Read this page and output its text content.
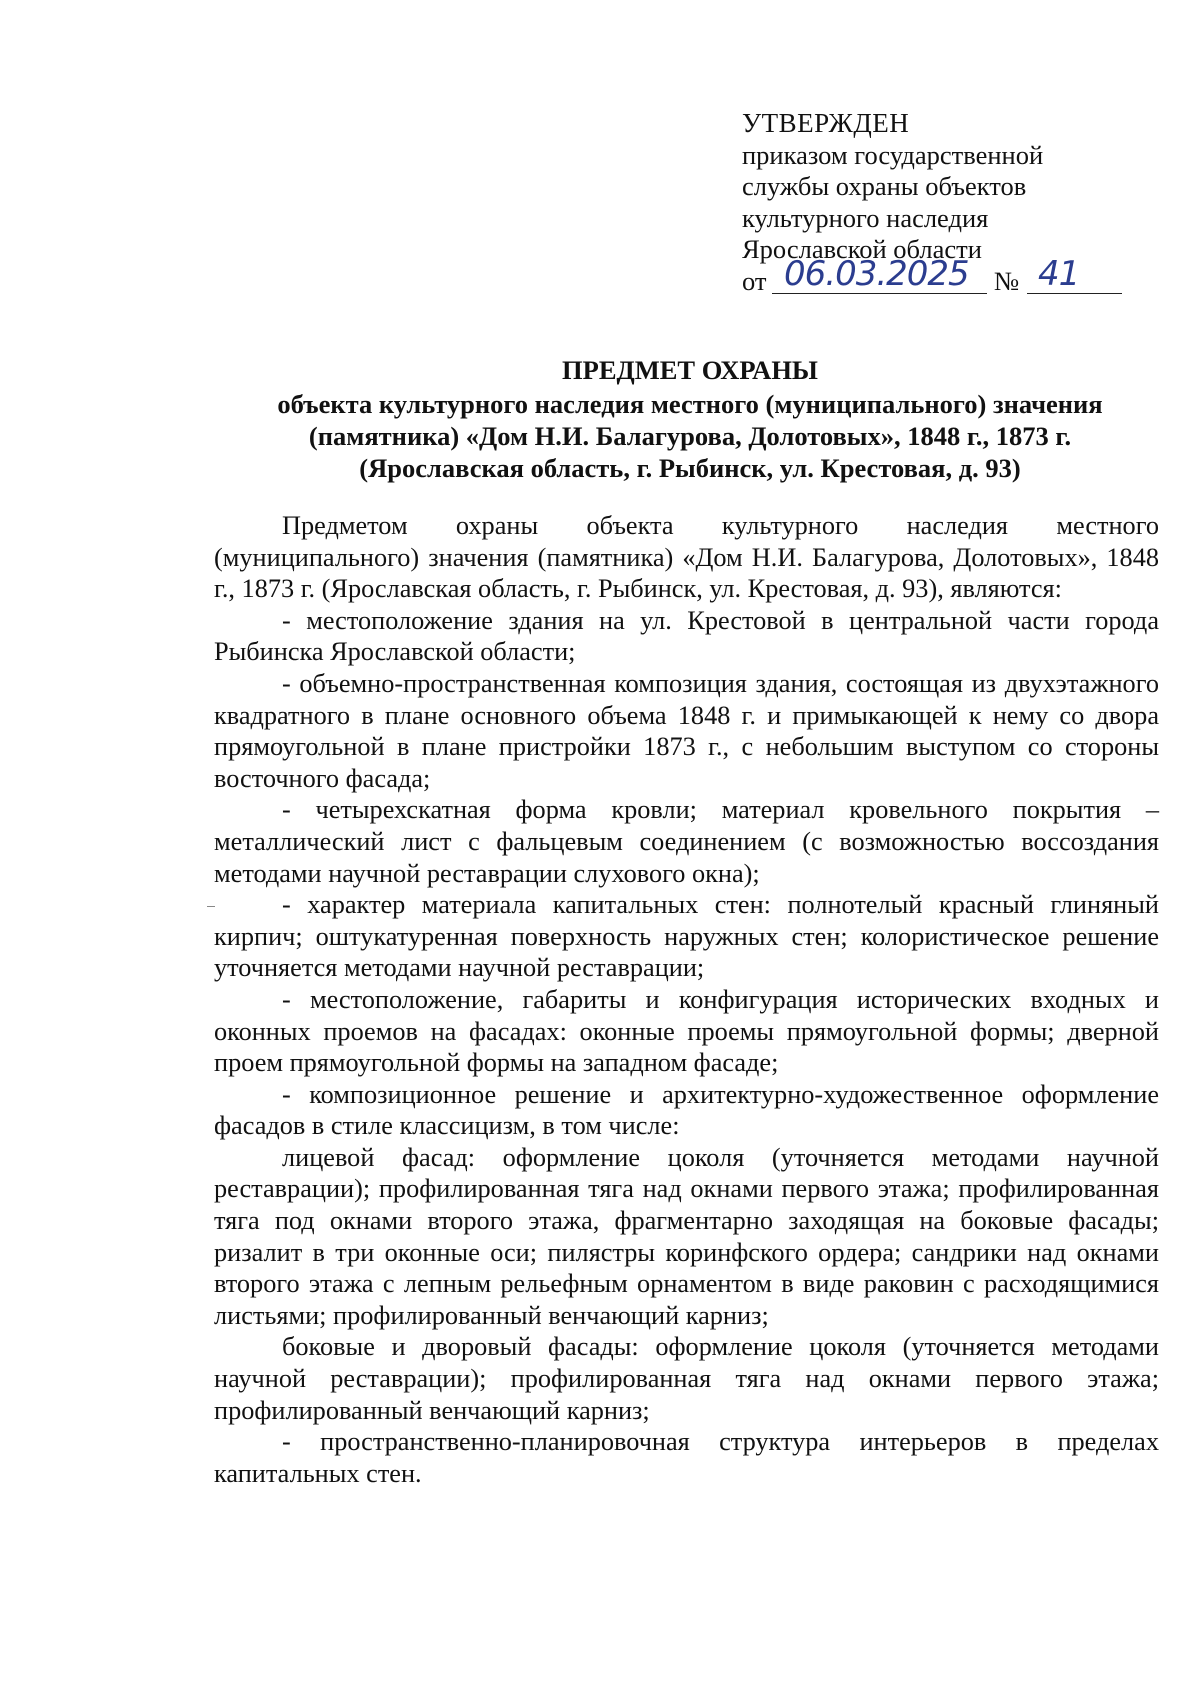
УТВЕРЖДЕН
приказом государственной
службы охраны объектов
культурного наследия
Ярославской области
от 06.03.2025 № 41
ПРЕДМЕТ ОХРАНЫ
объекта культурного наследия местного (муниципального) значения
(памятника) «Дом Н.И. Балагурова, Долотовых», 1848 г., 1873 г.
(Ярославская область, г. Рыбинск, ул. Крестовая, д. 93)

Предметом охраны объекта культурного наследия местного (муниципального) значения (памятника) «Дом Н.И. Балагурова, Долотовых», 1848 г., 1873 г. (Ярославская область, г. Рыбинск, ул. Крестовая, д. 93), являются:

- местоположение здания на ул. Крестовой в центральной части города Рыбинска Ярославской области;

- объемно-пространственная композиция здания, состоящая из двухэтажного квадратного в плане основного объема 1848 г. и примыкающей к нему со двора прямоугольной в плане пристройки 1873 г., с небольшим выступом со стороны восточного фасада;

- четырехскатная форма кровли; материал кровельного покрытия – металлический лист с фальцевым соединением (с возможностью воссоздания методами научной реставрации слухового окна);

- характер материала капитальных стен: полнотелый красный глиняный кирпич; оштукатуренная поверхность наружных стен; колористическое решение уточняется методами научной реставрации;

- местоположение, габариты и конфигурация исторических входных и оконных проемов на фасадах: оконные проемы прямоугольной формы; дверной проем прямоугольной формы на западном фасаде;

- композиционное решение и архитектурно-художественное оформление фасадов в стиле классицизм, в том числе:

лицевой фасад: оформление цоколя (уточняется методами научной реставрации); профилированная тяга над окнами первого этажа; профилированная тяга под окнами второго этажа, фрагментарно заходящая на боковые фасады; ризалит в три оконные оси; пилястры коринфского ордера; сандрики над окнами второго этажа с лепным рельефным орнаментом в виде раковин с расходящимися листьями; профилированный венчающий карниз;

боковые и дворовый фасады: оформление цоколя (уточняется методами научной реставрации); профилированная тяга над окнами первого этажа; профилированный венчающий карниз;

- пространственно-планировочная структура интерьеров в пределах капитальных стен.
